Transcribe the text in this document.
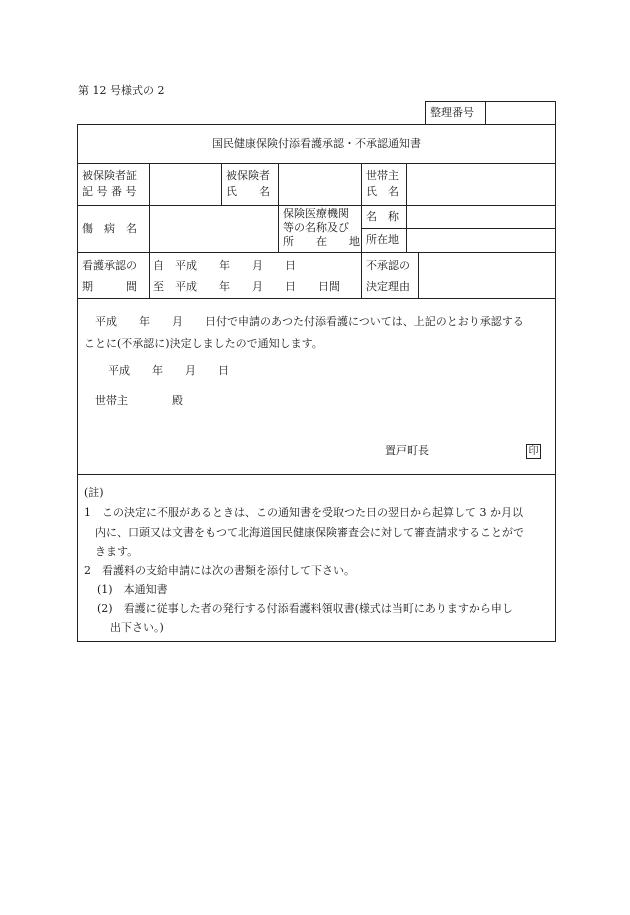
第 12 号様式の 2
整理番号
国民健康保険付添看護承認・不承認通知書
被保険者証
記 号 番 号
被保険者
氏　　名
世帯主
氏　名
傷　病　名
保険医療機関
等の名称及び
所　　在　　地
名　称
所在地
看護承認の
期　　　間
自　平成　　年　　月　　日
至　平成　　年　　月　　日　　日間
不承認の
決定理由
平成　　年　　月　　日付で申請のあつた付添看護については、上記のとおり承認する
ことに(不承認に)決定しましたので通知します。
平成　　年　　月　　日
世帯主　　　　殿
置戸町長	印
(註)
1　この決定に不服があるときは、この通知書を受取つた日の翌日から起算して 3 か月以
内に、口頭又は文書をもつて北海道国民健康保険審査会に対して審査請求することがで
きます。
2　看護料の支給申請には次の書類を添付して下さい。
(1)　本通知書
(2)　看護に従事した者の発行する付添看護料領収書(様式は当町にありますから申し
出下さい。)
